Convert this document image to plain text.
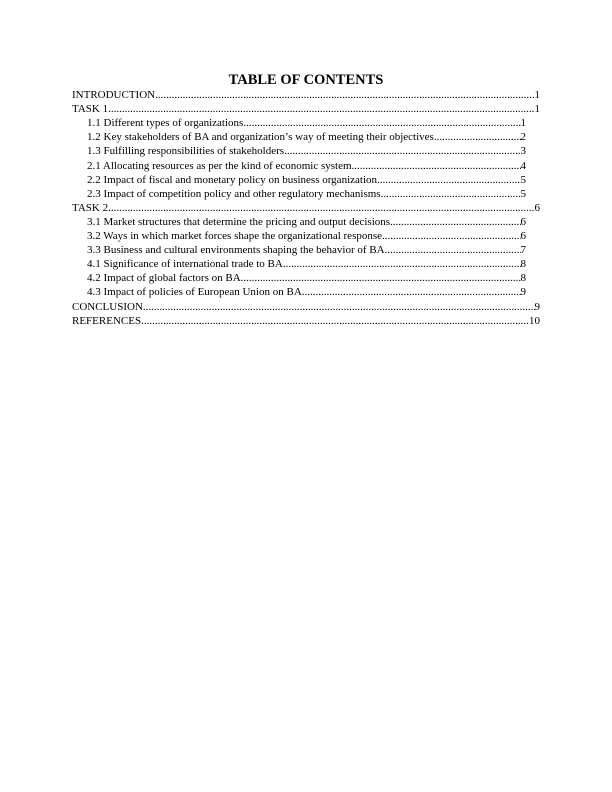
TABLE OF CONTENTS
INTRODUCTION .....	1
TASK 1 .....	1
1.1 Different types of organizations .....	1
1.2 Key stakeholders of BA and organization’s way of meeting their objectives .....	2
1.3 Fulfilling responsibilities of stakeholders .....	3
2.1 Allocating resources as per the kind of economic system .....	4
2.2 Impact of fiscal and monetary policy on business organization .....	5
2.3 Impact of competition policy and other regulatory mechanisms .....	5
TASK 2 .....	6
3.1 Market structures that determine the pricing and output decisions .....	6
3.2 Ways in which market forces shape the organizational response .....	6
3.3 Business and cultural environments shaping the behavior of BA .....	7
4.1 Significance of international trade to BA .....	8
4.2 Impact of global factors on BA .....	8
4.3 Impact of policies of European Union on BA .....	9
CONCLUSION .....	9
REFERENCES .....	10
